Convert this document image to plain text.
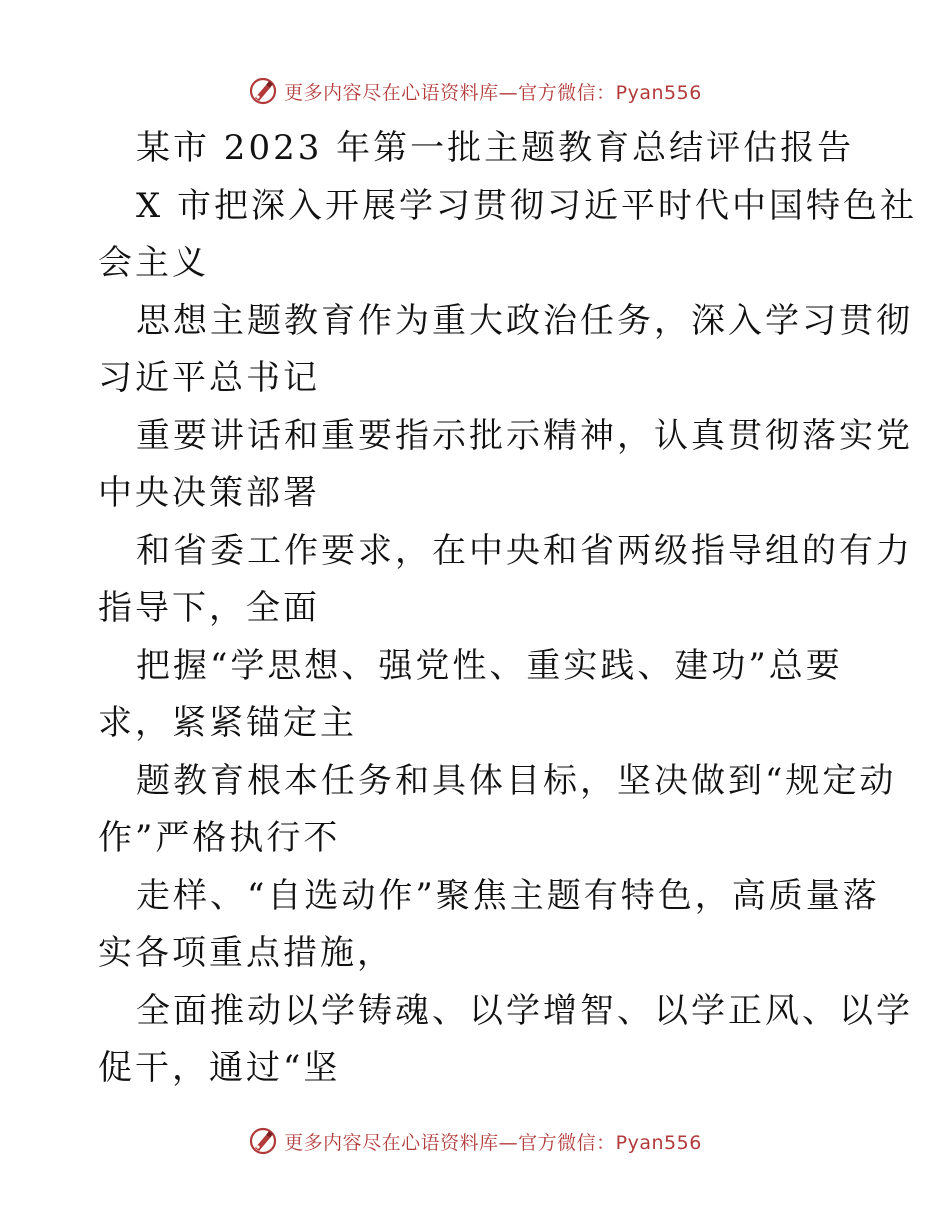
更多内容尽在心语资料库—官方微信：Pyan556
某市 2023 年第一批主题教育总结评估报告
X 市把深入开展学习贯彻习近平时代中国特色社
会主义
思想主题教育作为重大政治任务，深入学习贯彻
习近平总书记
重要讲话和重要指示批示精神，认真贯彻落实党
中央决策部署
和省委工作要求，在中央和省两级指导组的有力
指导下，全面
把握“学思想、强党性、重实践、建功”总要
求，紧紧锚定主
题教育根本任务和具体目标，坚决做到“规定动
作”严格执行不
走样、“自选动作”聚焦主题有特色，高质量落
实各项重点措施，
全面推动以学铸魂、以学增智、以学正风、以学
促干，通过“坚
更多内容尽在心语资料库—官方微信：Pyan556
